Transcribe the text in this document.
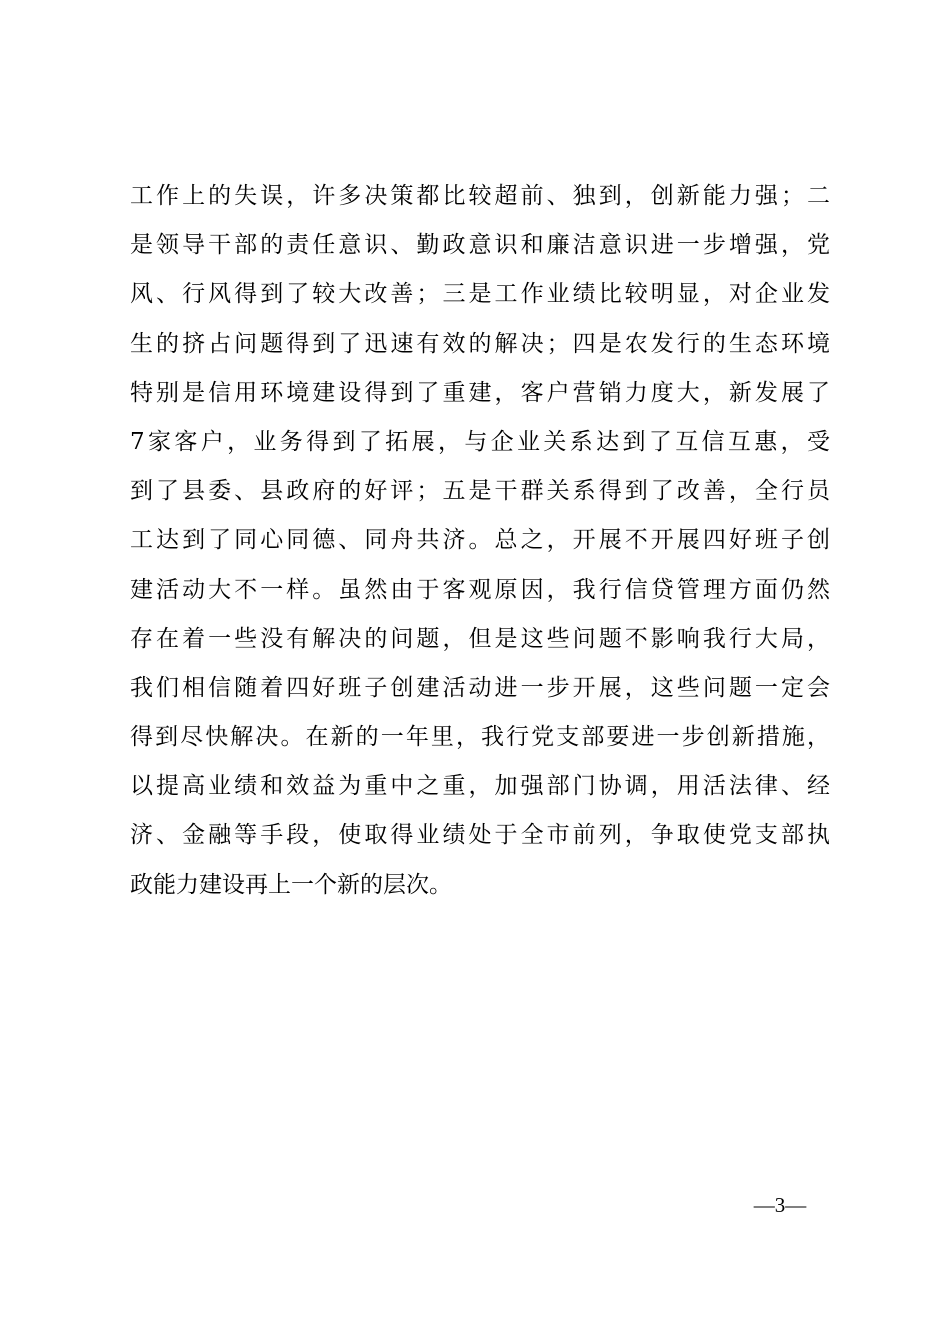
工作上的失误，许多决策都比较超前、独到，创新能力强；二
是领导干部的责任意识、勤政意识和廉洁意识进一步增强，党
风、行风得到了较大改善；三是工作业绩比较明显，对企业发
生的挤占问题得到了迅速有效的解决；四是农发行的生态环境
特别是信用环境建设得到了重建，客户营销力度大，新发展了
7家客户，业务得到了拓展，与企业关系达到了互信互惠，受
到了县委、县政府的好评；五是干群关系得到了改善，全行员
工达到了同心同德、同舟共济。总之，开展不开展四好班子创
建活动大不一样。虽然由于客观原因，我行信贷管理方面仍然
存在着一些没有解决的问题，但是这些问题不影响我行大局，
我们相信随着四好班子创建活动进一步开展，这些问题一定会
得到尽快解决。在新的一年里，我行党支部要进一步创新措施，
以提高业绩和效益为重中之重，加强部门协调，用活法律、经
济、金融等手段，使取得业绩处于全市前列，争取使党支部执
政能力建设再上一个新的层次。
—3—
